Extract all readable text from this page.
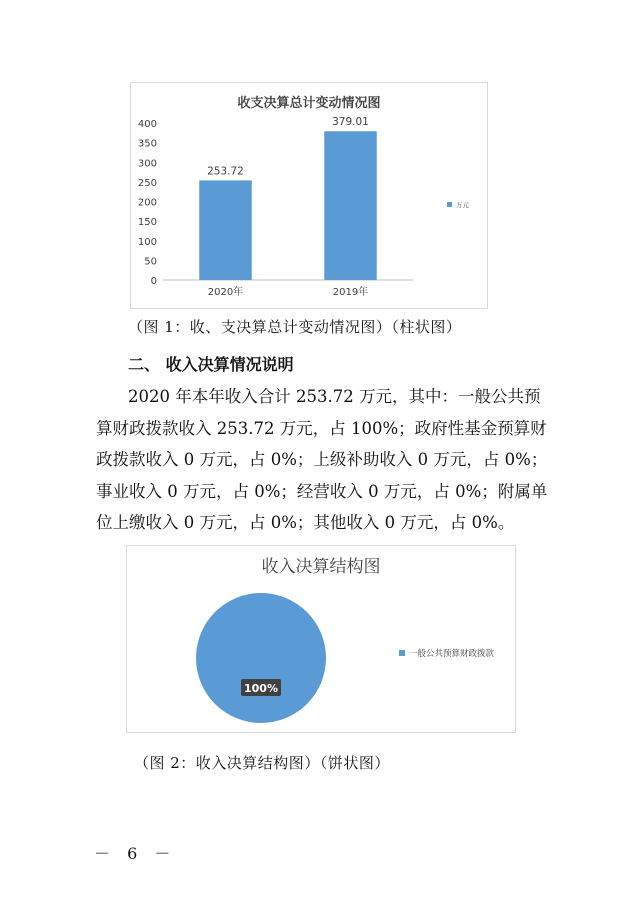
收支决算总计变动情况图
0
50
100
150
200
250
300
350
400
253.72
379.01
2020年	2019年
万元
（图 1：收、支决算总计变动情况图）（柱状图）
二、 收入决算情况说明
2020 年本年收入合计 253.72 万元，其中：一般公共预
算财政拨款收入 253.72 万元，占 100%；政府性基金预算财
政拨款收入 0 万元，占 0%；上级补助收入 0 万元，占 0%；
事业收入 0 万元，占 0%；经营收入 0 万元，占 0%；附属单
位上缴收入 0 万元，占 0%；其他收入 0 万元，占 0%。
收入决算结构图
100%
一般公共预算财政拨款
（图 2：收入决算结构图）（饼状图）
－ 6 －
